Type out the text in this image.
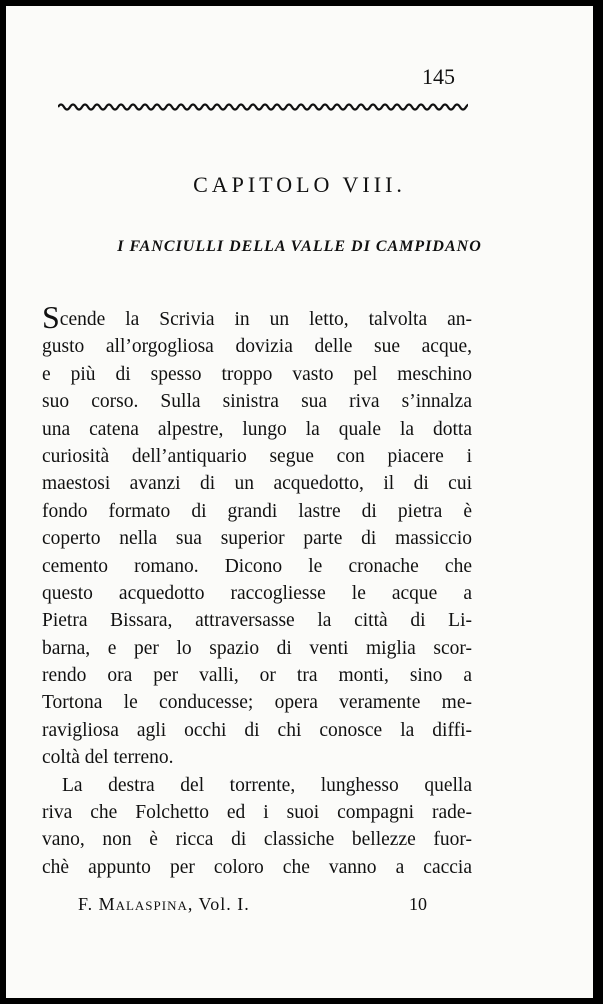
145
CAPITOLO VIII.
I FANCIULLI DELLA VALLE DI CAMPIDANO
Scende la Scrivia in un letto, talvolta an-
gusto all’orgogliosa dovizia delle sue acque,
e più di spesso troppo vasto pel meschino
suo corso. Sulla sinistra sua riva s’innalza
una catena alpestre, lungo la quale la dotta
curiosità dell’antiquario segue con piacere i
maestosi avanzi di un acquedotto, il di cui
fondo formato di grandi lastre di pietra è
coperto nella sua superior parte di massiccio
cemento romano. Dicono le cronache che
questo acquedotto raccogliesse le acque a
Pietra Bissara, attraversasse la città di Li-
barna, e per lo spazio di venti miglia scor-
rendo ora per valli, or tra monti, sino a
Tortona le conducesse; opera veramente me-
ravigliosa agli occhi di chi conosce la diffi-
coltà del terreno.
La destra del torrente, lunghesso quella
riva che Folchetto ed i suoi compagni rade-
vano, non è ricca di classiche bellezze fuor-
chè appunto per coloro che vanno a caccia
F. Malaspina, Vol. I.	10
